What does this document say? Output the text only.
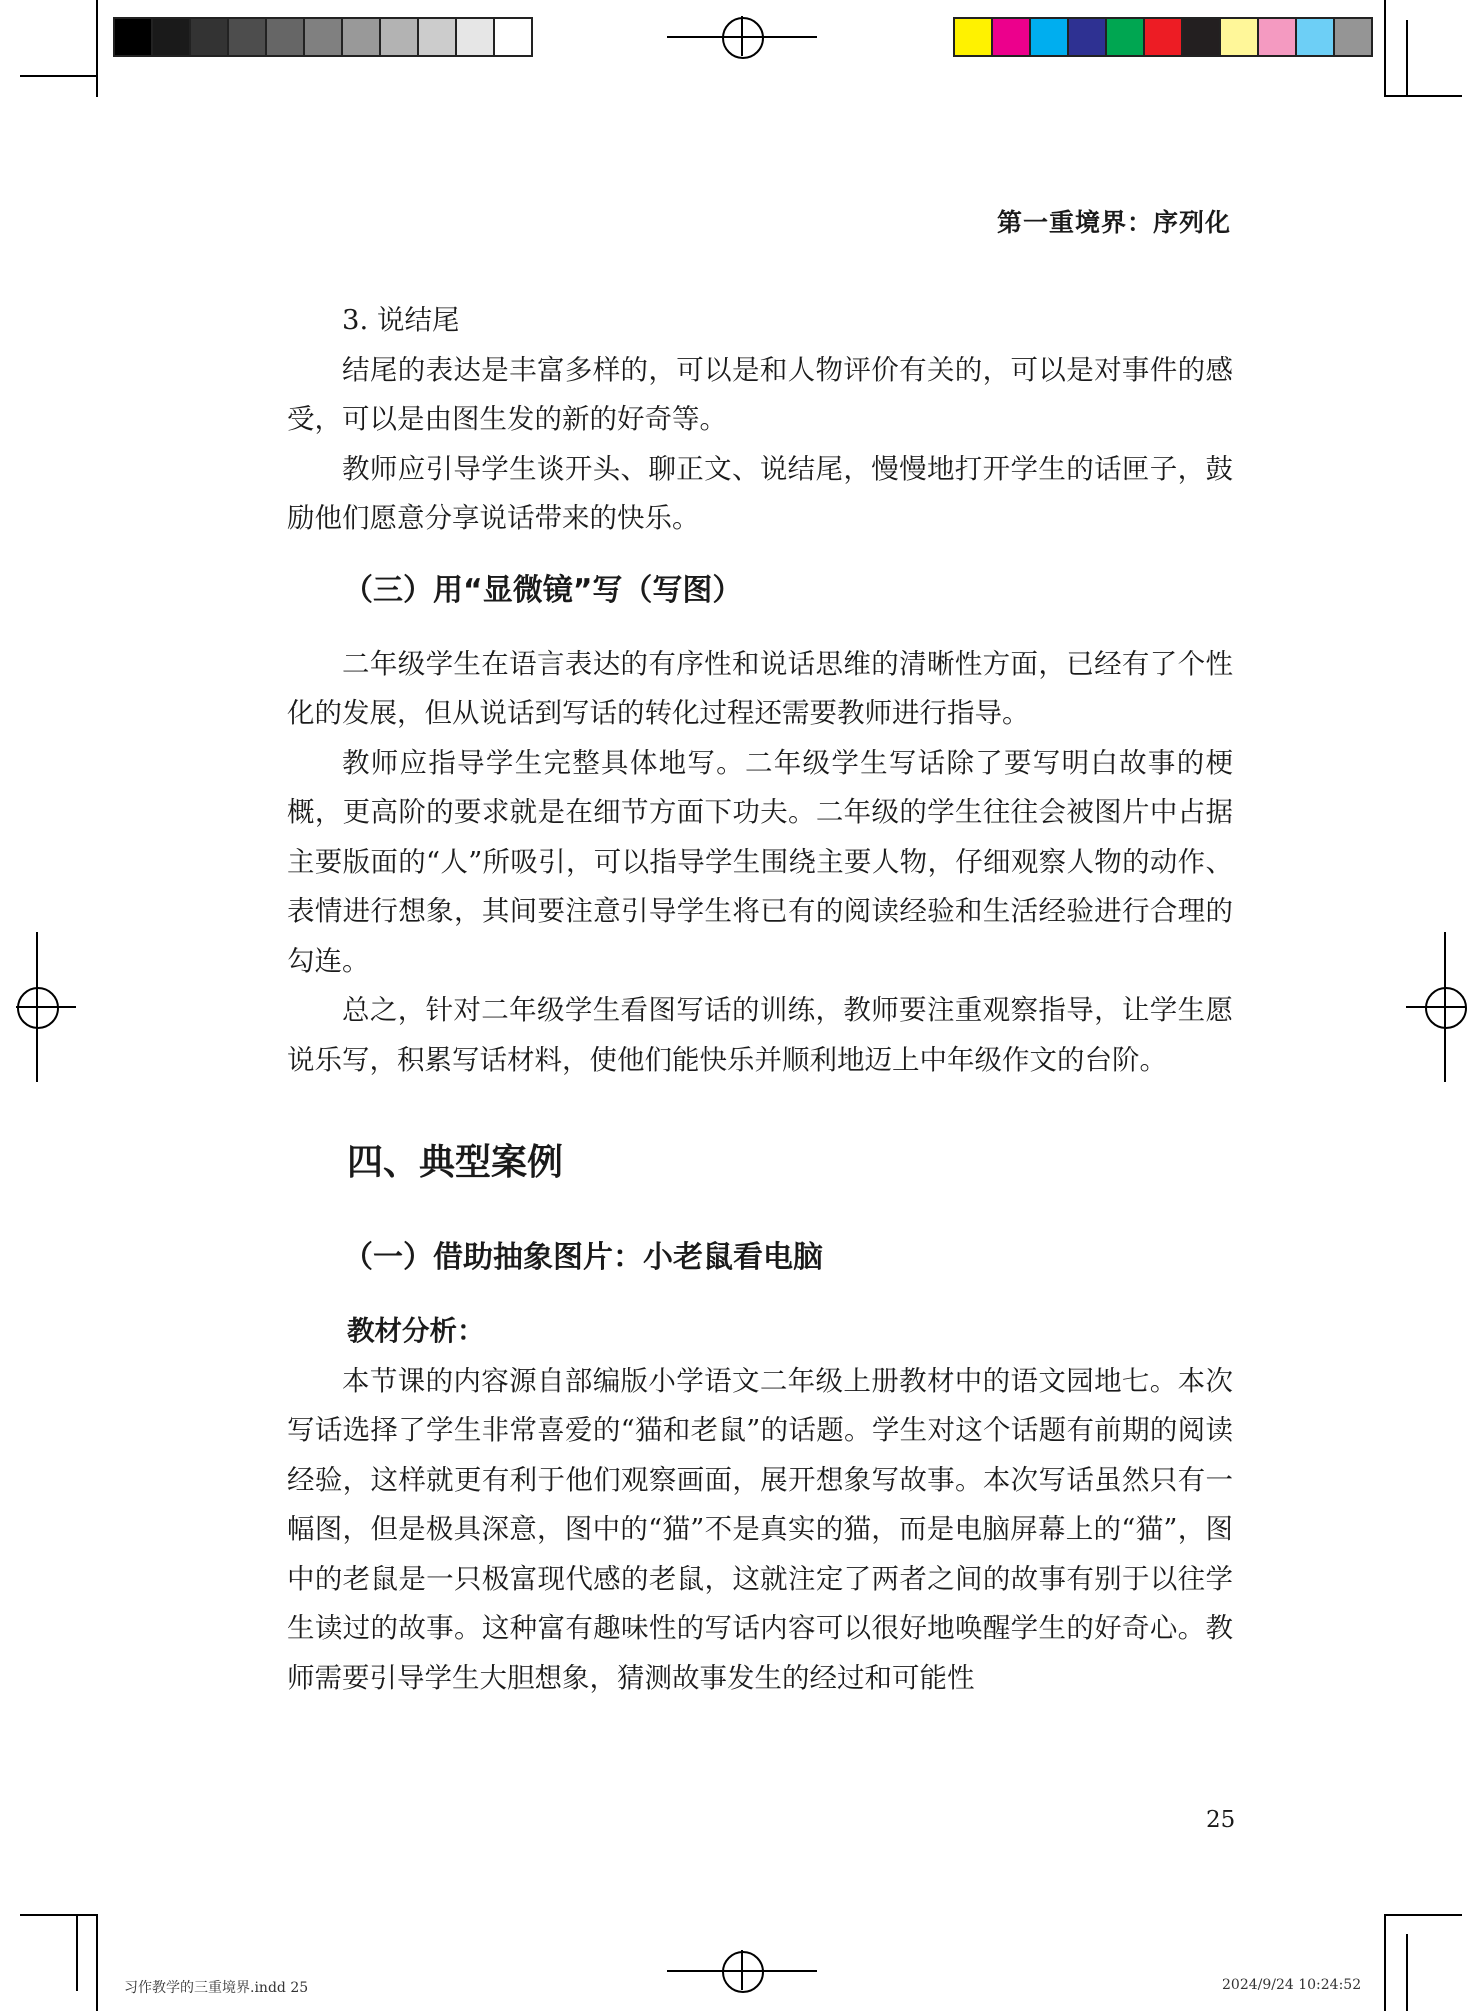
第一重境界：序列化

3. 说结尾

结尾的表达是丰富多样的，可以是和人物评价有关的，可以是对事件的感受，可以是由图生发的新的好奇等。

教师应引导学生谈开头、聊正文、说结尾，慢慢地打开学生的话匣子，鼓励他们愿意分享说话带来的快乐。

（三）用“显微镜”写（写图）

二年级学生在语言表达的有序性和说话思维的清晰性方面，已经有了个性化的发展，但从说话到写话的转化过程还需要教师进行指导。

教师应指导学生完整具体地写。二年级学生写话除了要写明白故事的梗概，更高阶的要求就是在细节方面下功夫。二年级的学生往往会被图片中占据主要版面的“人”所吸引，可以指导学生围绕主要人物，仔细观察人物的动作、表情进行想象，其间要注意引导学生将已有的阅读经验和生活经验进行合理的勾连。

总之，针对二年级学生看图写话的训练，教师要注重观察指导，让学生愿说乐写，积累写话材料，使他们能快乐并顺利地迈上中年级作文的台阶。

四、典型案例
（一）借助抽象图片：小老鼠看电脑
教材分析：

本节课的内容源自部编版小学语文二年级上册教材中的语文园地七。本次写话选择了学生非常喜爱的“猫和老鼠”的话题。学生对这个话题有前期的阅读经验，这样就更有利于他们观察画面，展开想象写故事。本次写话虽然只有一幅图，但是极具深意，图中的“猫”不是真实的猫，而是电脑屏幕上的“猫”，图中的老鼠是一只极富现代感的老鼠，这就注定了两者之间的故事有别于以往学生读过的故事。这种富有趣味性的写话内容可以很好地唤醒学生的好奇心。教师需要引导学生大胆想象，猜测故事发生的经过和可能性

25
习作教学的三重境界.indd 25	2024/9/24 10:24:52
